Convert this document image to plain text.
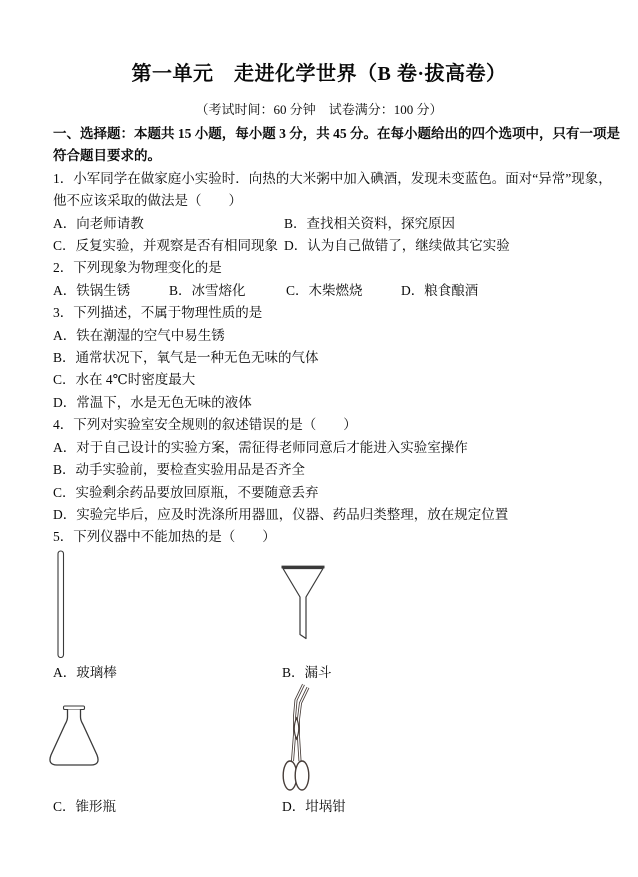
第一单元　走进化学世界（B 卷·拔高卷）
（考试时间：60 分钟　试卷满分：100 分）

一、选择题：本题共 15 小题，每小题 3 分，共 45 分。在每小题给出的四个选项中，只有一项是符合题目要求的。

1．小军同学在做家庭小实验时．向热的大米粥中加入碘酒，发现未变蓝色。面对“异常”现象，他不应该采取的做法是（　　）

A．向老师请教	B．查找相关资料，探究原因
C．反复实验，并观察是否有相同现象 D．认为自己做错了，继续做其它实验

2．下列现象为物理变化的是

A．铁锅生锈	B．冰雪熔化	C．木柴燃烧	D．粮食酿酒

3．下列描述，不属于物理性质的是

A．铁在潮湿的空气中易生锈

B．通常状况下，氧气是一种无色无味的气体

C．水在 4℃时密度最大

D．常温下，水是无色无味的液体

4．下列对实验室安全规则的叙述错误的是（　　）

A．对于自己设计的实验方案，需征得老师同意后才能进入实验室操作

B．动手实验前，要检查实验用品是否齐全

C．实验剩余药品要放回原瓶，不要随意丢弃

D．实验完毕后，应及时洗涤所用器皿，仪器、药品归类整理，放在规定位置

5．下列仪器中不能加热的是（　　）

A．玻璃棒	B．漏斗
C．锥形瓶	D．坩埚钳
